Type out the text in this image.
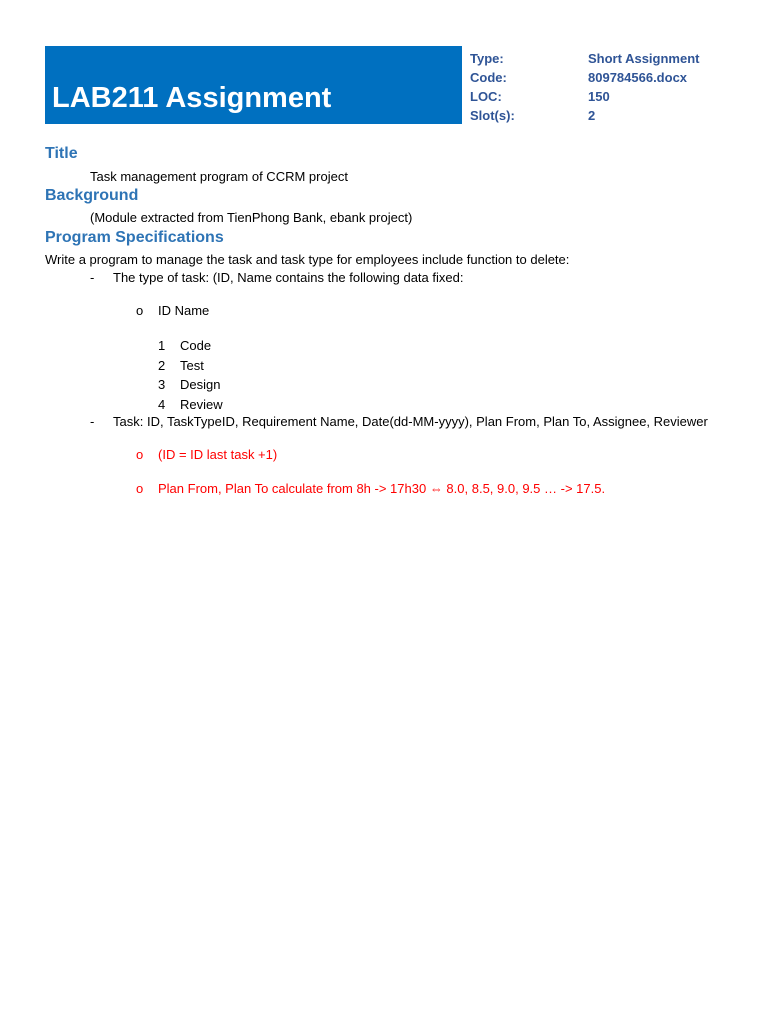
LAB211 Assignment
Type:	Short Assignment
Code:	809784566.docx
LOC:	150
Slot(s):	2
Title
Task management program of CCRM project
Background
(Module extracted from TienPhong Bank, ebank project)
Program Specifications
Write a program to manage the task and task type for employees include function to delete:
- The type of task: (ID, Name contains the following data fixed:
o ID Name
1 Code
2 Test
3 Design
4 Review
- Task: ID, TaskTypeID, Requirement Name, Date(dd-MM-yyyy), Plan From, Plan To, Assignee, Reviewer
o (ID = ID last task +1)
o Plan From, Plan To calculate from 8h -> 17h30 ⇔ 8.0, 8.5, 9.0, 9.5 … -> 17.5.
